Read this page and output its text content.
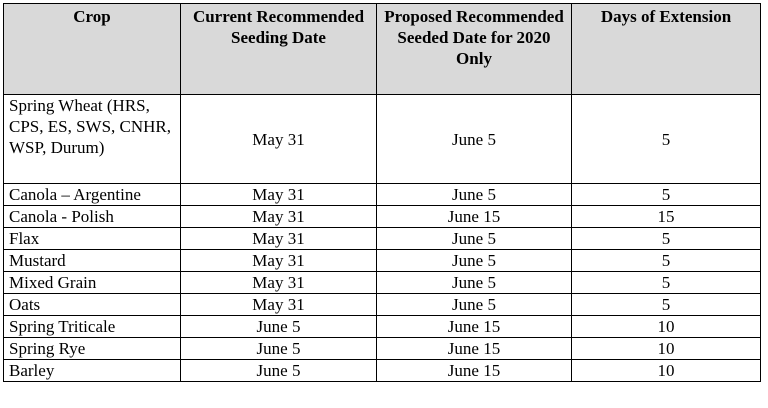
Crop	Current Recommended Seeding Date	Proposed Recommended Seeded Date for 2020 Only	Days of Extension
Spring Wheat (HRS, CPS, ES, SWS, CNHR, WSP, Durum)	May 31	June 5	5
Canola – Argentine	May 31	June 5	5
Canola - Polish	May 31	June 15	15
Flax	May 31	June 5	5
Mustard	May 31	June 5	5
Mixed Grain	May 31	June 5	5
Oats	May 31	June 5	5
Spring Triticale	June 5	June 15	10
Spring Rye	June 5	June 15	10
Barley	June 5	June 15	10
